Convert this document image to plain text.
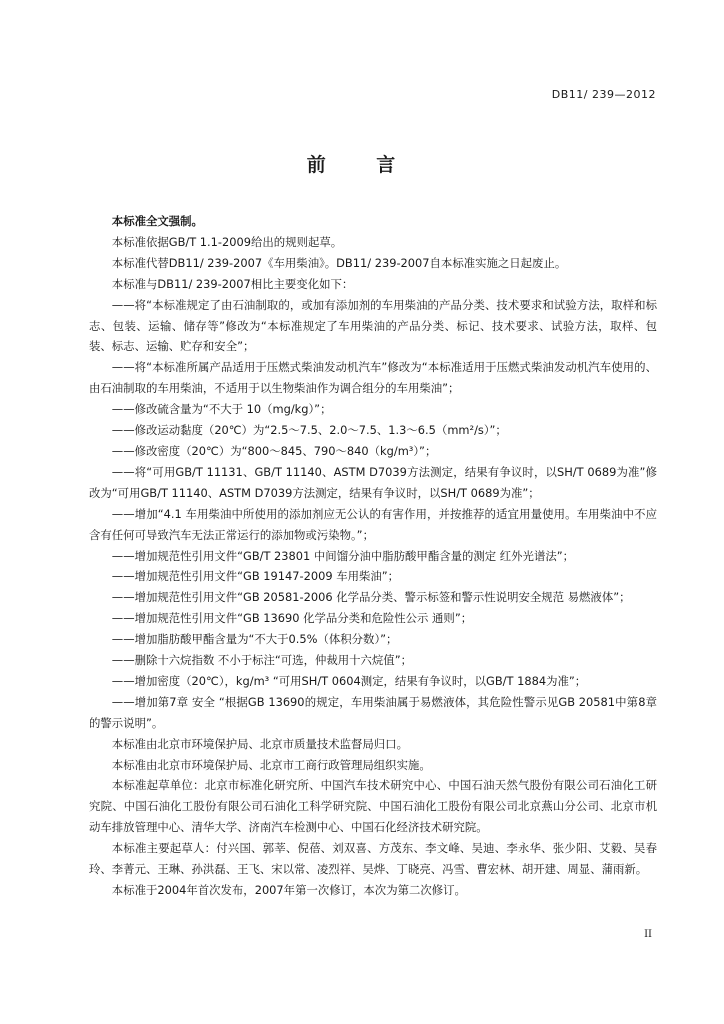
DB11/ 239—2012
前 言

本标准全文强制。

本标准依据GB/T 1.1-2009给出的规则起草。

本标准代替DB11/ 239-2007《车用柴油》。DB11/ 239-2007自本标准实施之日起废止。

本标准与DB11/ 239-2007相比主要变化如下：

——将“本标准规定了由石油制取的，或加有添加剂的车用柴油的产品分类、技术要求和试验方法，取样和标志、包装、运输、储存等”修改为“本标准规定了车用柴油的产品分类、标记、技术要求、试验方法，取样、包装、标志、运输、贮存和安全”；

——将“本标准所属产品适用于压燃式柴油发动机汽车”修改为“本标准适用于压燃式柴油发动机汽车使用的、由石油制取的车用柴油，不适用于以生物柴油作为调合组分的车用柴油”；

——修改硫含量为“不大于 10（mg/kg）”；

——修改运动黏度（20℃）为“2.5～7.5、2.0～7.5、1.3～6.5（mm²/s）”；

——修改密度（20℃）为“800～845、790～840（kg/m³）”；

——将“可用GB/T 11131、GB/T 11140、ASTM D7039方法测定，结果有争议时，以SH/T 0689为准”修改为“可用GB/T 11140、ASTM D7039方法测定，结果有争议时，以SH/T 0689为准”；

——增加“4.1 车用柴油中所使用的添加剂应无公认的有害作用，并按推荐的适宜用量使用。车用柴油中不应含有任何可导致汽车无法正常运行的添加物或污染物。”；

——增加规范性引用文件“GB/T 23801 中间馏分油中脂肪酸甲酯含量的测定 红外光谱法”；

——增加规范性引用文件“GB 19147-2009 车用柴油”；

——增加规范性引用文件“GB 20581-2006 化学品分类、警示标签和警示性说明安全规范 易燃液体”；

——增加规范性引用文件“GB 13690 化学品分类和危险性公示 通则”；

——增加脂肪酸甲酯含量为“不大于0.5%（体积分数）”；

——删除十六烷指数 不小于标注“可选，仲裁用十六烷值”；

——增加密度（20℃），kg/m³ “可用SH/T 0604测定，结果有争议时，以GB/T 1884为准”；

——增加第7章 安全 “根据GB 13690的规定，车用柴油属于易燃液体，其危险性警示见GB 20581中第8章的警示说明”。

本标准由北京市环境保护局、北京市质量技术监督局归口。

本标准由北京市环境保护局、北京市工商行政管理局组织实施。

本标准起草单位：北京市标准化研究所、中国汽车技术研究中心、中国石油天然气股份有限公司石油化工研究院、中国石油化工股份有限公司石油化工科学研究院、中国石油化工股份有限公司北京燕山分公司、北京市机动车排放管理中心、清华大学、济南汽车检测中心、中国石化经济技术研究院。

本标准主要起草人：付兴国、郭莘、倪蓓、刘双喜、方茂东、李文峰、吴迪、李永华、张少阳、艾毅、吴春玲、李菁元、王琳、孙洪磊、王飞、宋以常、凌烈祥、吴烨、丁晓亮、冯雪、曹宏林、胡开建、周显、蒲雨新。

本标准于2004年首次发布，2007年第一次修订，本次为第二次修订。

II
